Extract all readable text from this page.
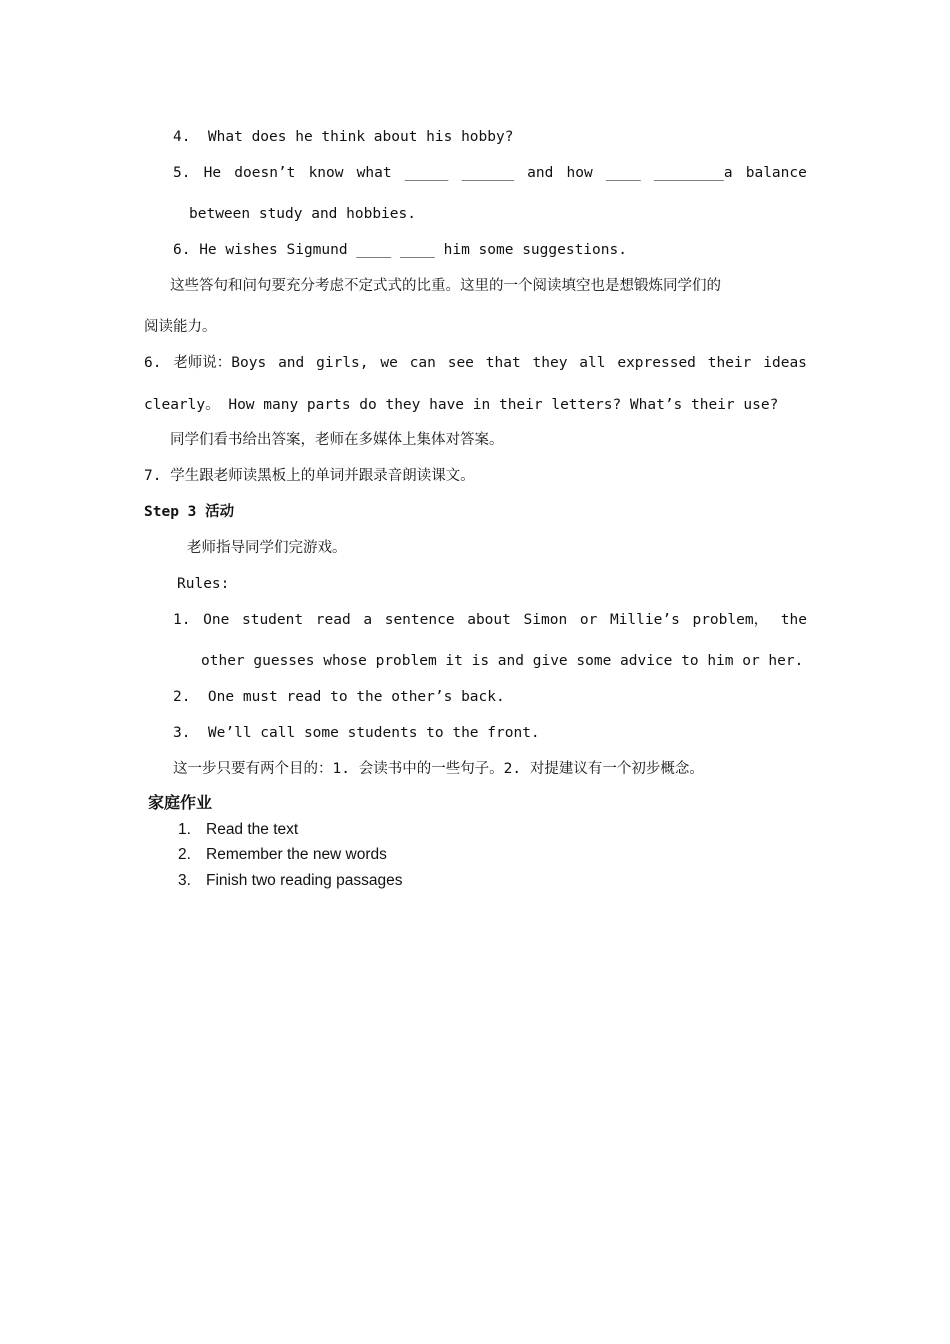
4.  What does he think about his hobby?
5. He doesn’t know what _____ ______ and how ____ ________a balance
between study and hobbies.
6. He wishes Sigmund ____ ____ him some suggestions.
这些答句和问句要充分考虑不定式式的比重。这里的一个阅读填空也是想锻炼同学们的
阅读能力。
6. 老师说：Boys and girls, we can see that they all expressed their ideas
clearly。 How many parts do they have in their letters? What’s their use?
同学们看书给出答案，老师在多媒体上集体对答案。
7. 学生跟老师读黑板上的单词并跟录音朗读课文。
Step 3 活动
老师指导同学们完游戏。
Rules:
1. One student read a sentence about Simon or Millie’s problem， the
other guesses whose problem it is and give some advice to him or her.
2.  One must read to the other’s back.
3.  We’ll call some students to the front.
这一步只要有两个目的：1. 会读书中的一些句子。2. 对提建议有一个初步概念。
家庭作业
1. Read the text
2. Remember the new words
3. Finish two reading passages
